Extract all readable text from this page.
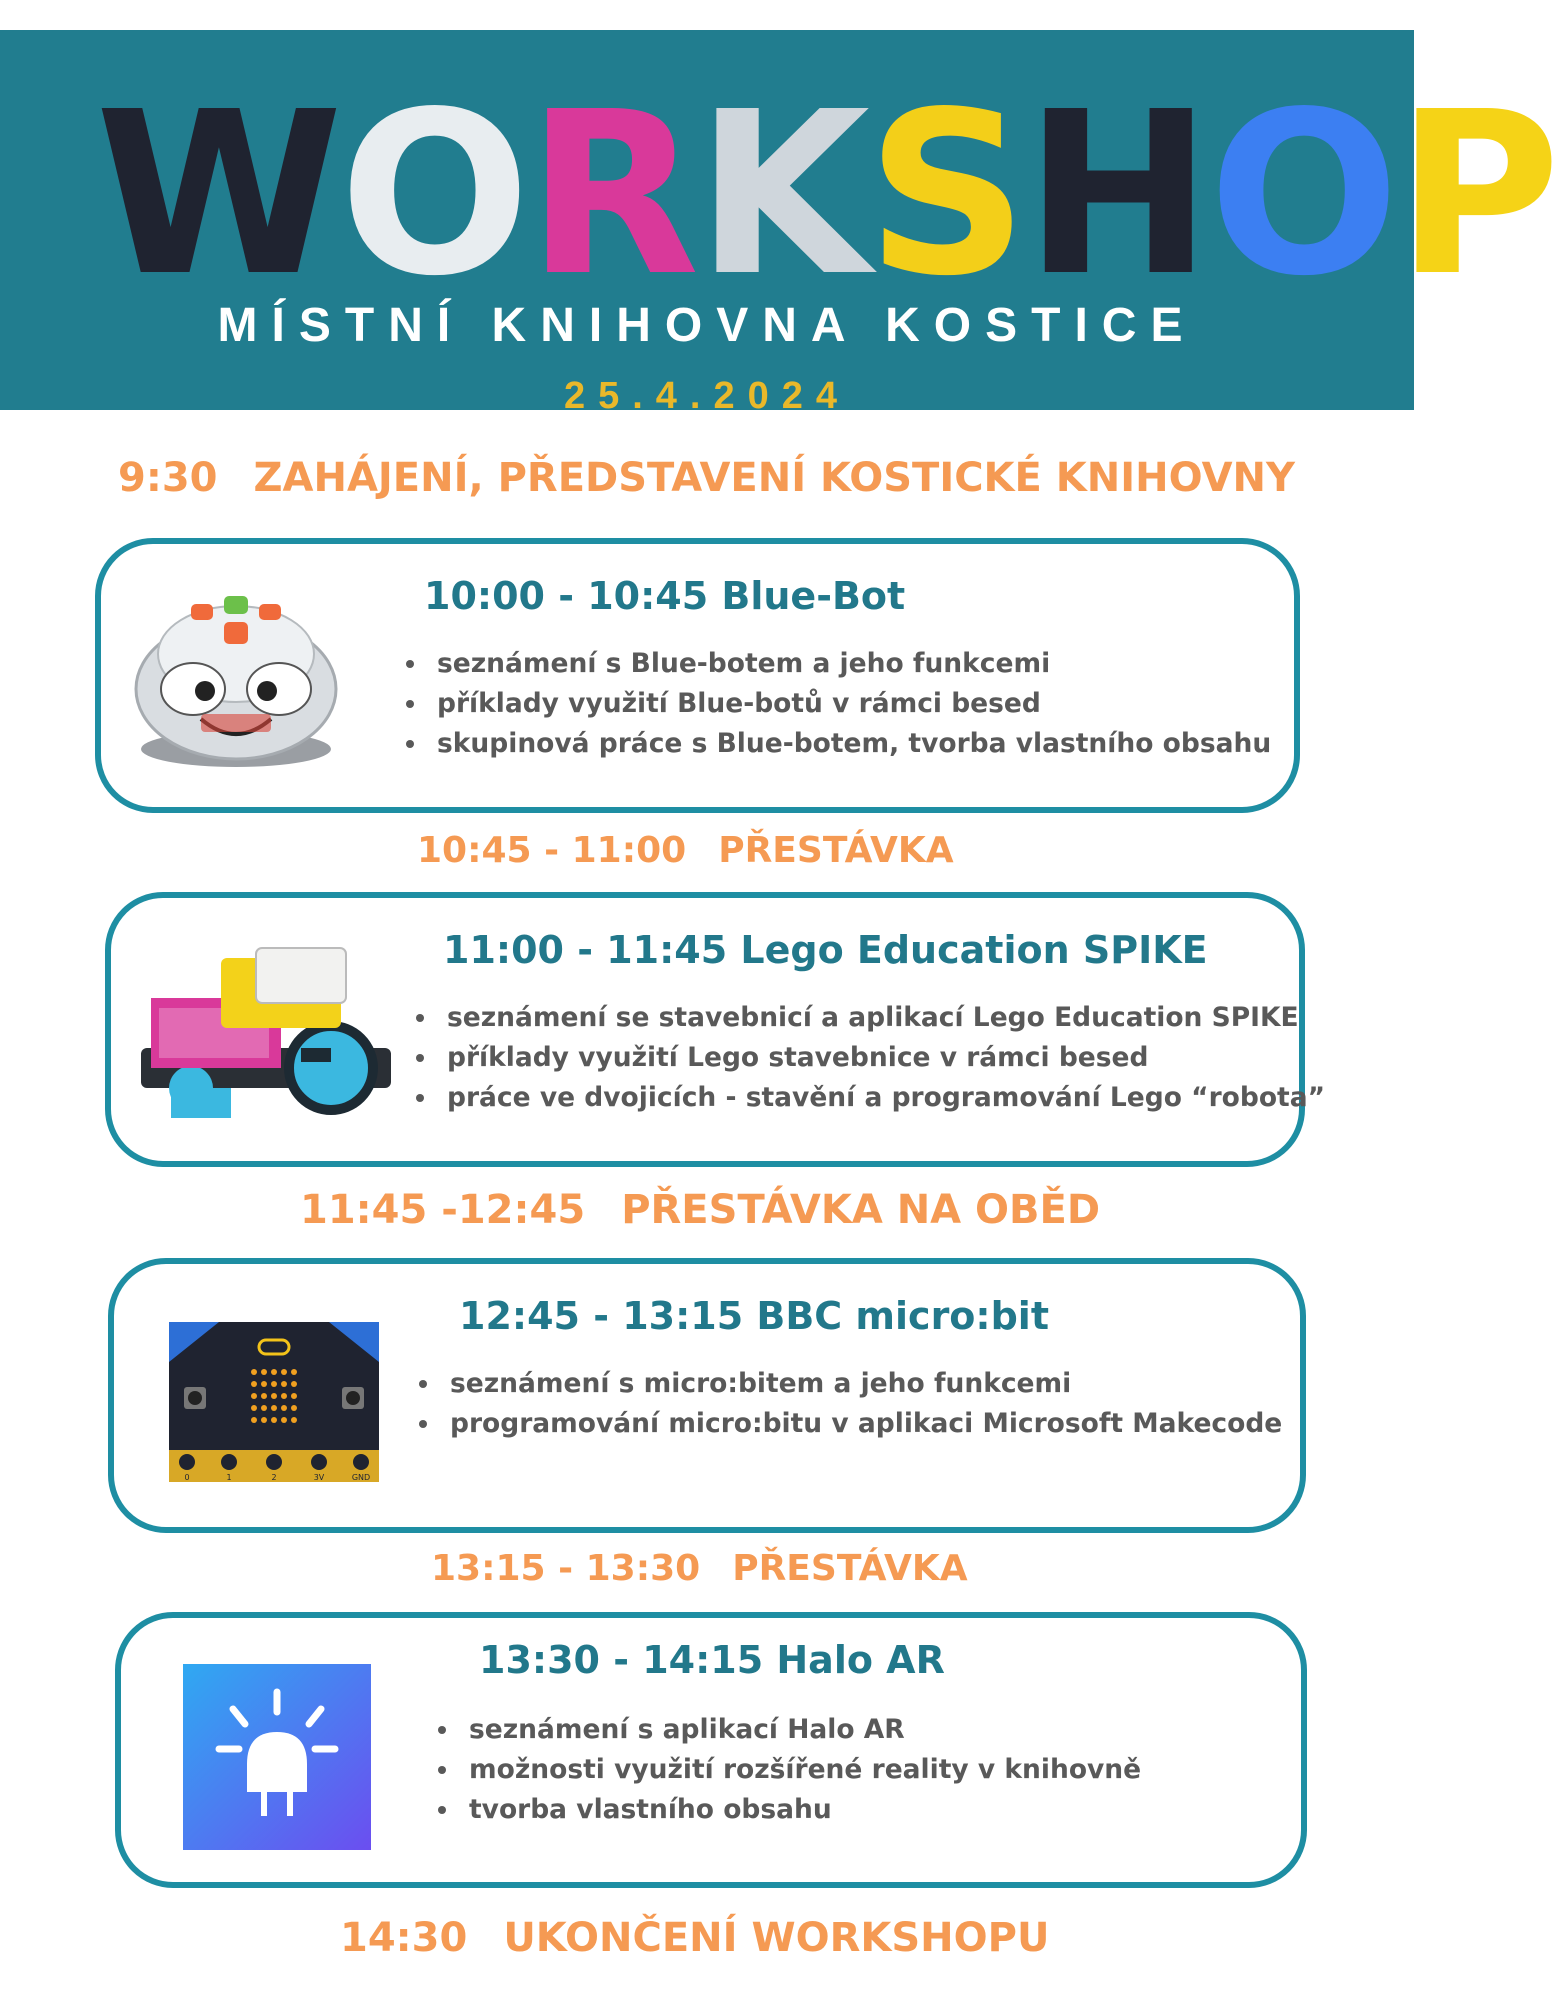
W O R K S H O P
MÍSTNÍ KNIHOVNA KOSTICE
25.4.2024
9:30 ZAHÁJENÍ, PŘEDSTAVENÍ KOSTICKÉ KNIHOVNY
10:00 - 10:45 Blue-Bot
seznámení s Blue-botem a jeho funkcemi
příklady využití Blue-botů v rámci besed
skupinová práce s Blue-botem, tvorba vlastního obsahu
10:45 - 11:00 PŘESTÁVKA
11:00 - 11:45 Lego Education SPIKE
seznámení se stavebnicí a aplikací Lego Education SPIKE
příklady využití Lego stavebnice v rámci besed
práce ve dvojicích - stavění a programování Lego “robota”
11:45 -12:45 PŘESTÁVKA NA OBĚD
0	1	2	3V	GND
12:45 - 13:15 BBC micro:bit
seznámení s micro:bitem a jeho funkcemi
programování micro:bitu v aplikaci Microsoft Makecode
13:15 - 13:30 PŘESTÁVKA
13:30 - 14:15 Halo AR
seznámení s aplikací Halo AR
možnosti využití rozšířené reality v knihovně
tvorba vlastního obsahu
14:30 UKONČENÍ WORKSHOPU
